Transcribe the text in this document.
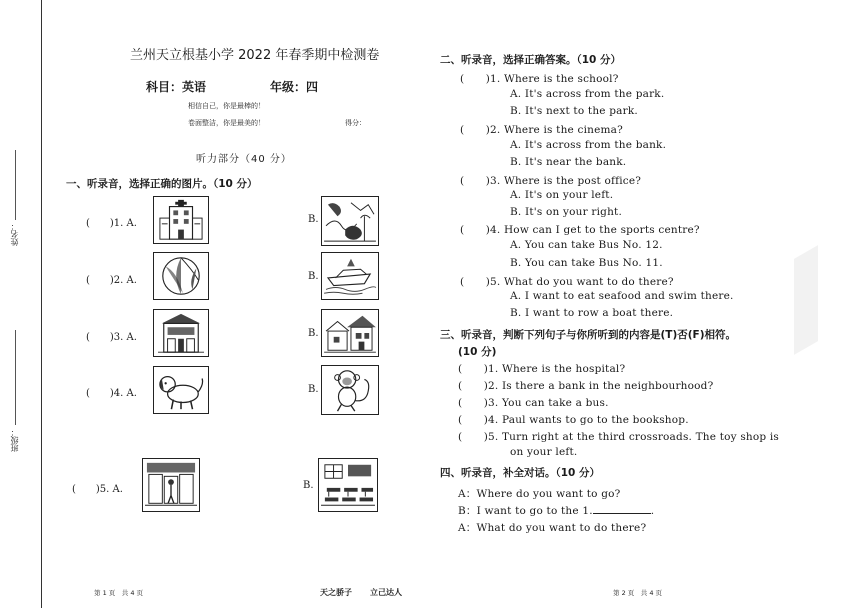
姓名：
班级：
兰州天立根基小学 2022 年春季期中检测卷
科目：英语	年级：四
相信自己，你是最棒的！
卷面整洁，你是最美的！	得分：
听力部分（40 分）
一、听录音，选择正确的图片。（10 分）
(　　)1. A.	B.
(　　)2. A.	B.
(　　)3. A.	B.
(　　)4. A.	B.
(　　)5. A.	B.
第 1 页　共 4 页	天之骄子 立己达人
二、听录音，选择正确答案。（10 分）
(　　)1. Where is the school?
A. It's across from the park.
B. It's next to the park.
(　　)2. Where is the cinema?
A. It's across from the bank.
B. It's near the bank.
(　　)3. Where is the post office?
A. It's on your left.
B. It's on your right.
(　　)4. How can I get to the sports centre?
A. You can take Bus No. 12.
B. You can take Bus No. 11.
(　　)5. What do you want to do there?
A. I want to eat seafood and swim there.
B. I want to row a boat there.
三、听录音，判断下列句子与你所听到的内容是(T)否(F)相符。
(10 分)
(　　)1. Where is the hospital?
(　　)2. Is there a bank in the neighbourhood?
(　　)3. You can take a bus.
(　　)4. Paul wants to go to the bookshop.
(　　)5. Turn right at the third crossroads. The toy shop is
on your left.
四、听录音，补全对话。（10 分）
A：Where do you want to go?
B：I want to go to the 1.	.
A：What do you want to do there?
第 2 页　共 4 页
